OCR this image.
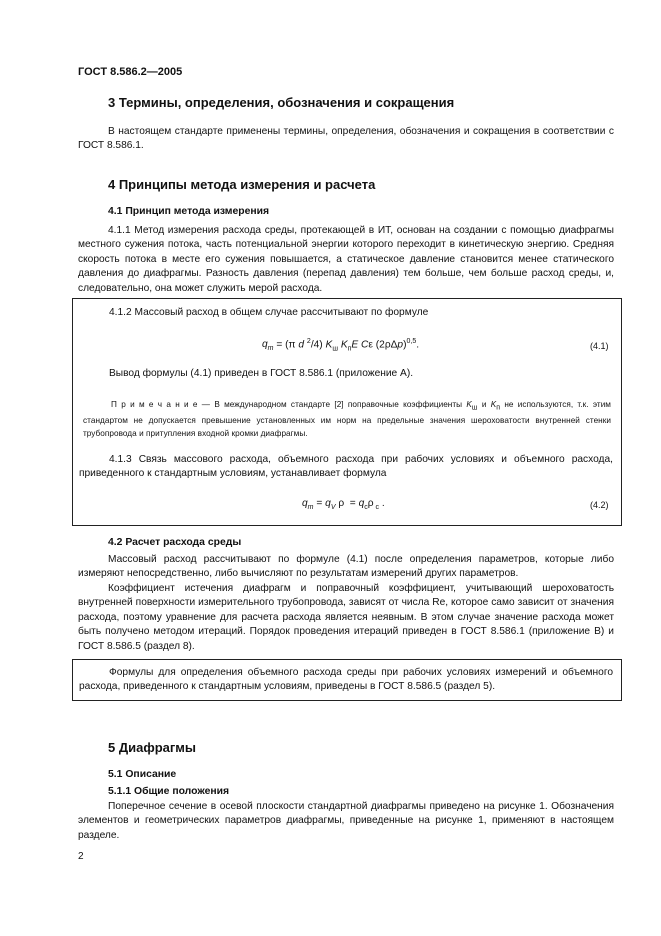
ГОСТ 8.586.2—2005
3 Термины, определения, обозначения и сокращения
В настоящем стандарте применены термины, определения, обозначения и сокращения в соответствии с ГОСТ 8.586.1.
4 Принципы метода измерения и расчета
4.1 Принцип метода измерения
4.1.1 Метод измерения расхода среды, протекающей в ИТ, основан на создании с помощью диафрагмы местного сужения потока, часть потенциальной энергии которого переходит в кинетическую энергию. Средняя скорость потока в месте его сужения повышается, а статическое давление становится менее статического давления до диафрагмы. Разность давления (перепад давления) тем больше, чем больше расход среды, и, следовательно, она может служить мерой расхода.
4.1.2 Массовый расход в общем случае рассчитывают по формуле
$q_m = (\pi$ d $^2$/4) $K_ш$ $K_пE$ Cε $(2\rho\Delta p)^{0,5}$.	(4.1)
Вывод формулы (4.1) приведен в ГОСТ 8.586.1 (приложение А).
П р и м е ч а н и е — В международном стандарте [2] поправочные коэффициенты $K_ш$ и $K_п$ не используются, т.к. этим стандартом не допускается превышение установленных им норм на предельные значения шероховатости внутренней стенки трубопровода и притупления входной кромки диафрагмы.
4.1.3 Связь массового расхода, объемного расхода при рабочих условиях и объемного расхода, приведенного к стандартным условиям, устанавливает формула
$q_m = q_V$ $\rho = q_c\rho$ $_c$ .	(4.2)
4.2 Расчет расхода среды
Массовый расход рассчитывают по формуле (4.1) после определения параметров, которые либо измеряют непосредственно, либо вычисляют по результатам измерений других параметров.
Коэффициент истечения диафрагм и поправочный коэффициент, учитывающий шероховатость внутренней поверхности измерительного трубопровода, зависят от числа Re, которое само зависит от значения расхода, поэтому уравнение для расчета расхода является неявным. В этом случае значение расхода может быть получено методом итераций. Порядок проведения итераций приведен в ГОСТ 8.586.1 (приложение В) и ГОСТ 8.586.5 (раздел 8).
Формулы для определения объемного расхода среды при рабочих условиях измерений и объемного расхода, приведенного к стандартным условиям, приведены в ГОСТ 8.586.5 (раздел 5).
5 Диафрагмы
5.1 Описание
5.1.1 Общие положения
Поперечное сечение в осевой плоскости стандартной диафрагмы приведено на рисунке 1. Обозначения элементов и геометрических параметров диафрагмы, приведенные на рисунке 1, применяют в настоящем разделе.
2
